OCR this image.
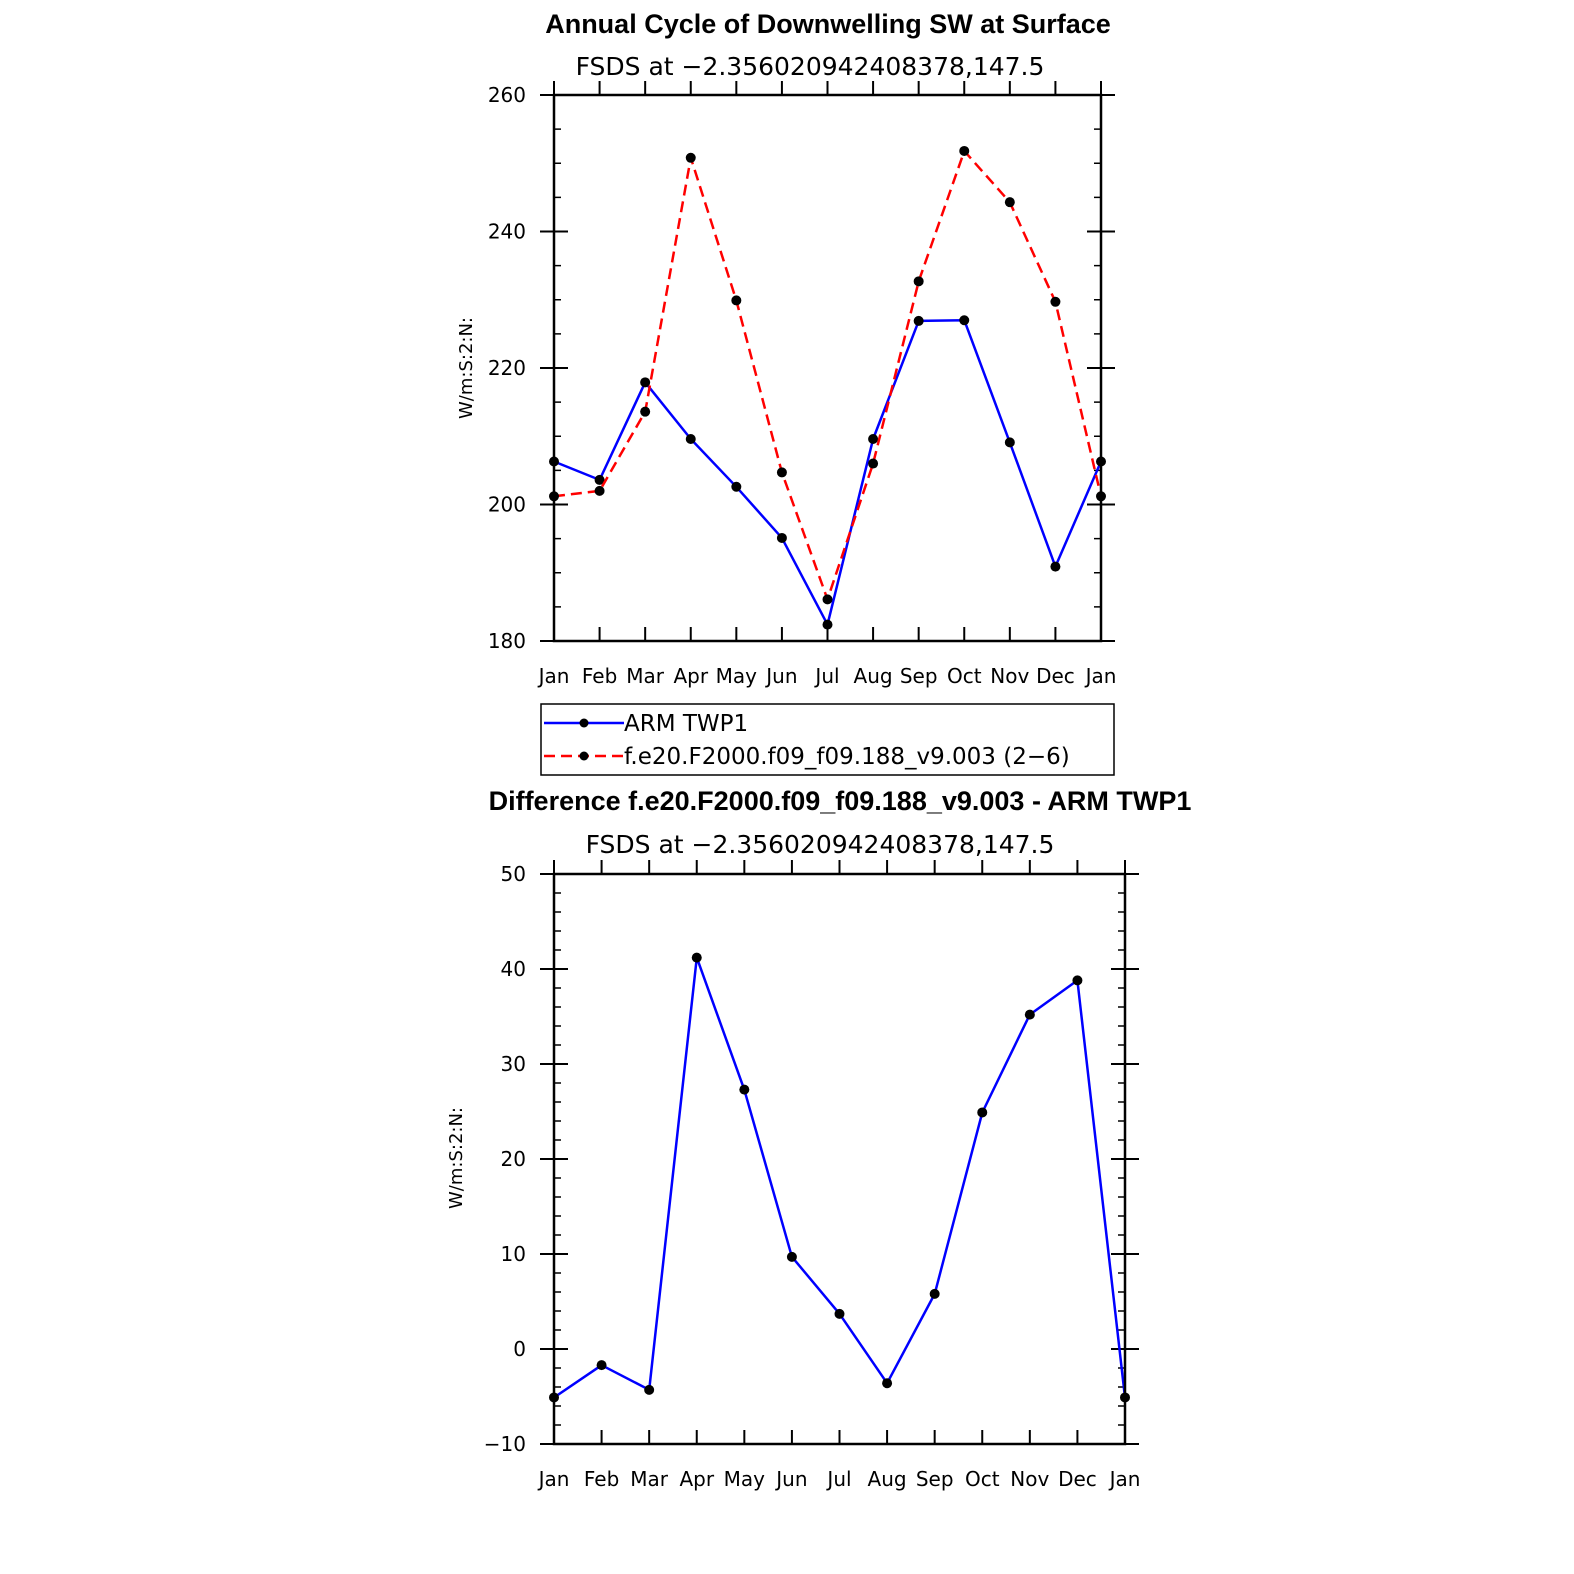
Annual Cycle of Downwelling SW at Surface
FSDS at −2.356020942408378,147.5
W/m:S:2:N:
180
200
220
240
260
Jan Feb Mar Apr May Jun Jul Aug Sep Oct Nov Dec Jan
ARM TWP1
f.e20.F2000.f09_f09.188_v9.003 (2−6)
Difference f.e20.F2000.f09_f09.188_v9.003 - ARM TWP1
FSDS at −2.356020942408378,147.5
W/m:S:2:N:
−10
0
10
20
30
40
50
Jan Feb Mar Apr May Jun Jul Aug Sep Oct Nov Dec Jan
